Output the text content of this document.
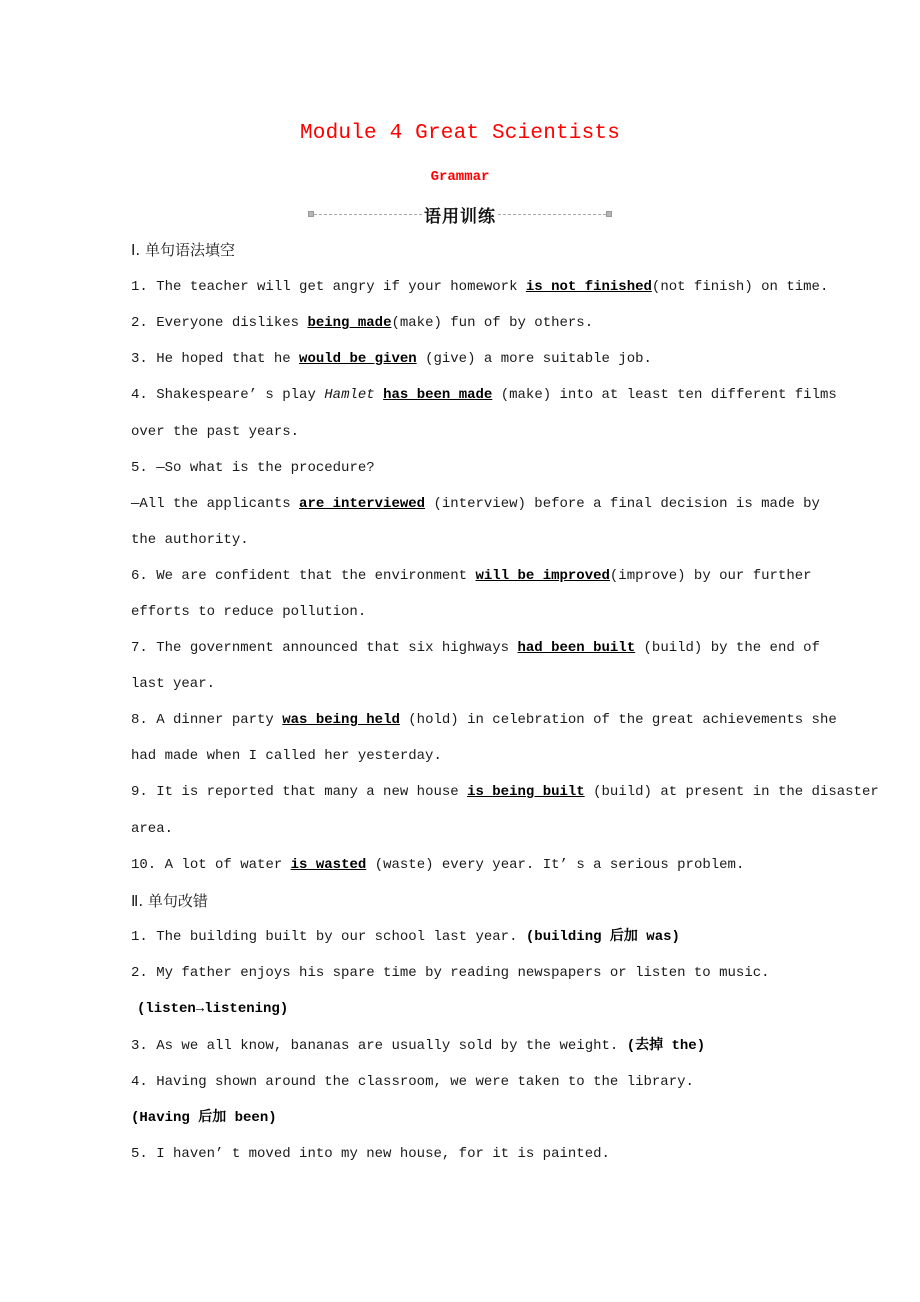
Module 4 Great Scientists
Grammar
语用训练
Ⅰ. 单句语法填空
1. The teacher will get angry if your homework is not finished(not finish) on time.
2. Everyone dislikes being made(make) fun of by others.
3. He hoped that he would be given (give) a more suitable job.
4. Shakespeare’ s play Hamlet has been made (make) into at least ten different films
over the past years.
5. —So what is the procedure?
—All the applicants are interviewed (interview) before a final decision is made by
the authority.
6. We are confident that the environment will be improved(improve) by our further
efforts to reduce pollution.
7. The government announced that six highways had been built (build) by the end of
last year.
8. A dinner party was being held (hold) in celebration of the great achievements she
had made when I called her yesterday.
9. It is reported that many a new house is being built (build) at present in the disaster
area.
10. A lot of water is wasted (waste) every year. It’ s a serious problem.
Ⅱ. 单句改错
1. The building built by our school last year. (building 后加 was)
2. My father enjoys his spare time by reading newspapers or listen to music.
(listen→listening)
3. As we all know, bananas are usually sold by the weight. (去掉 the)
4. Having shown around the classroom, we were taken to the library.
(Having 后加 been)
5. I haven’ t moved into my new house, for it is painted.
